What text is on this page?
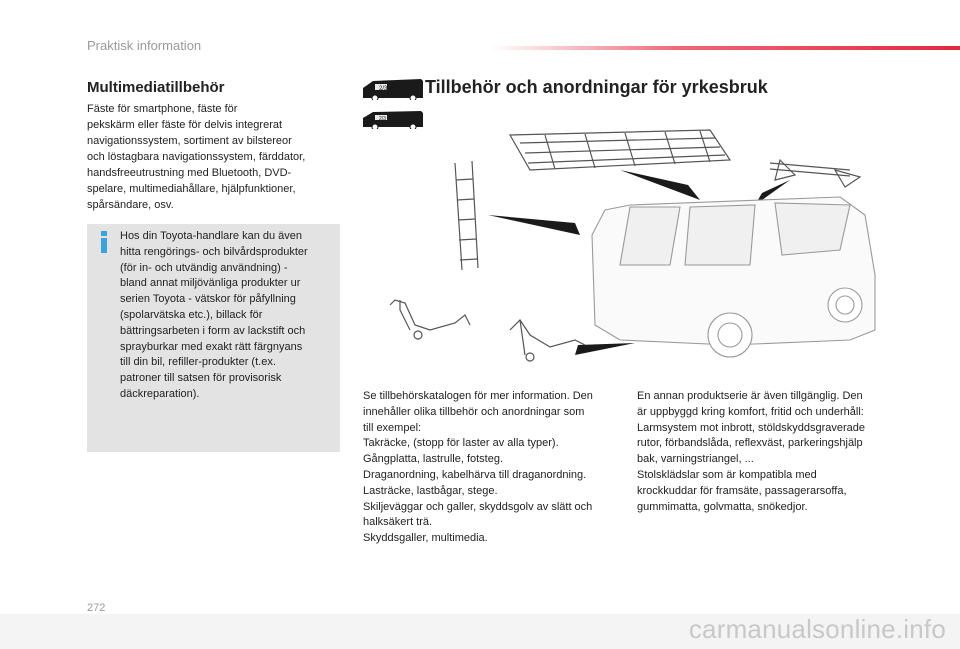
Praktisk information
Multimediatillbehör
Fäste för smartphone, fäste för
pekskärm eller fäste för delvis integrerat
navigationssystem, sortiment av bilstereor
och löstagbara navigationssystem, färddator,
handsfreeutrustning med Bluetooth, DVD-
spelare, multimediahållare, hjälpfunktioner,
spårsändare, osv.
Hos din Toyota-handlare kan du även
hitta rengörings- och bilvårdsprodukter
(för in- och utvändig användning) -
bland annat miljövänliga produkter ur
serien Toyota - vätskor för påfyllning
(spolarvätska etc.), billack för
bättringsarbeten i form av lackstift och
sprayburkar med exakt rätt färgnyans
till din bil, refiller-produkter (t.ex.
patroner till satsen för provisorisk
däckreparation).
2/3
2/3
Tillbehör och anordningar för yrkesbruk
Se tillbehörskatalogen för mer information. Den
innehåller olika tillbehör och anordningar som
till exempel:
Takräcke, (stopp för laster av alla typer).
Gångplatta, lastrulle, fotsteg.
Draganordning, kabelhärva till draganordning.
Lasträcke, lastbågar, stege.
Skiljeväggar och galler, skyddsgolv av slätt och
halksäkert trä.
Skyddsgaller, multimedia.
En annan produktserie är även tillgänglig. Den
är uppbyggd kring komfort, fritid och underhåll:
Larmsystem mot inbrott, stöldskyddsgraverade
rutor, förbandslåda, reflexväst, parkeringshjälp
bak, varningstriangel, ...
Stolsklädslar som är kompatibla med
krockkuddar för framsäte, passagerarsoffa,
gummimatta, golvmatta, snökedjor.
272
carmanualsonline.info
